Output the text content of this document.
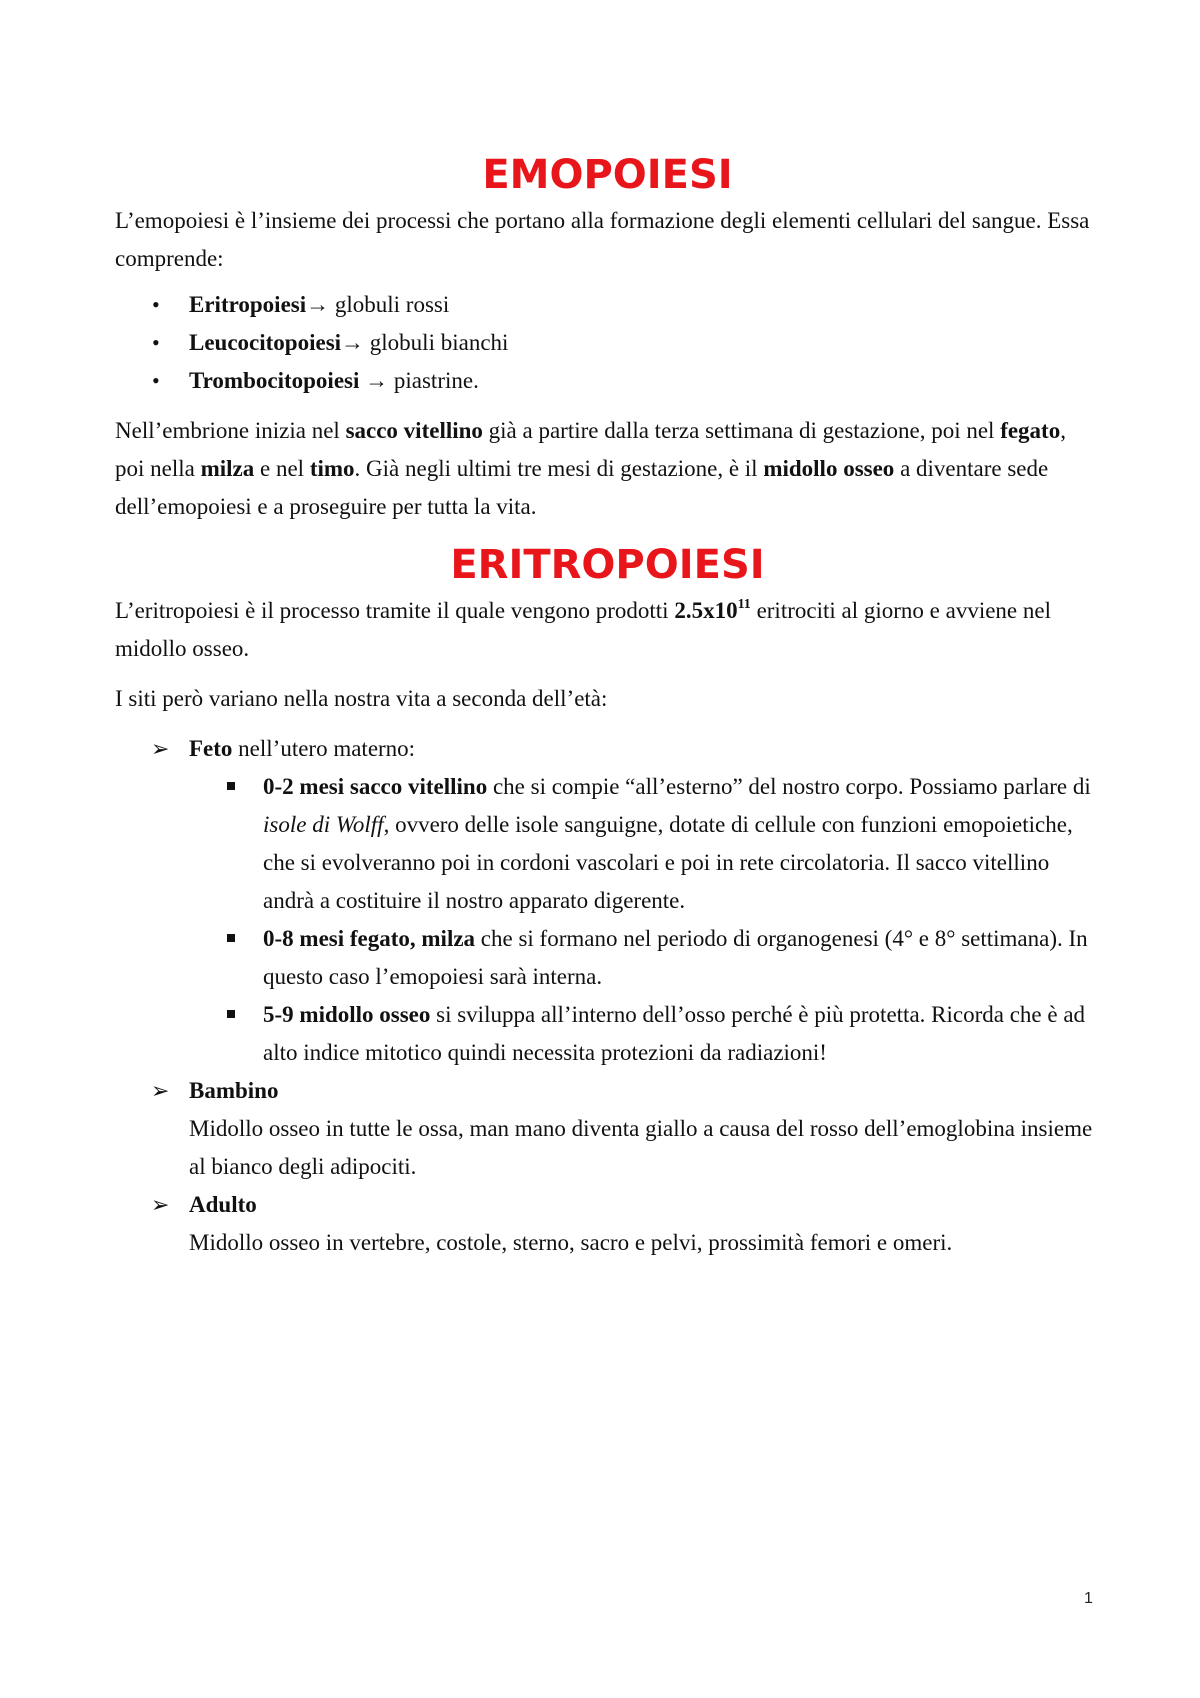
EMOPOIESI

L’emopoiesi è l’insieme dei processi che portano alla formazione degli elementi cellulari del sangue. Essa comprende:

• Eritropoiesi→ globuli rossi
• Leucocitopoiesi→ globuli bianchi
• Trombocitopoiesi → piastrine.

Nell’embrione inizia nel sacco vitellino già a partire dalla terza settimana di gestazione, poi nel fegato, poi nella milza e nel timo. Già negli ultimi tre mesi di gestazione, è il midollo osseo a diventare sede dell’emopoiesi e a proseguire per tutta la vita.

ERITROPOIESI

L’eritropoiesi è il processo tramite il quale vengono prodotti $2.5x10^{11}$ eritrociti al giorno e avviene nel midollo osseo.

I siti però variano nella nostra vita a seconda dell’età:

➢ Feto nell’utero materno:
0-2 mesi sacco vitellino che si compie “all’esterno” del nostro corpo. Possiamo parlare di isole di Wolff, ovvero delle isole sanguigne, dotate di cellule con funzioni emopoietiche, che si evolveranno poi in cordoni vascolari e poi in rete circolatoria. Il sacco vitellino andrà a costituire il nostro apparato digerente.
0-8 mesi fegato, milza che si formano nel periodo di organogenesi (4° e 8° settimana). In questo caso l’emopoiesi sarà interna.
5-9 midollo osseo si sviluppa all’interno dell’osso perché è più protetta. Ricorda che è ad alto indice mitotico quindi necessita protezioni da radiazioni!
➢ Bambino
Midollo osseo in tutte le ossa, man mano diventa giallo a causa del rosso dell’emoglobina insieme al bianco degli adipociti.
➢ Adulto
Midollo osseo in vertebre, costole, sterno, sacro e pelvi, prossimità femori e omeri.
1
